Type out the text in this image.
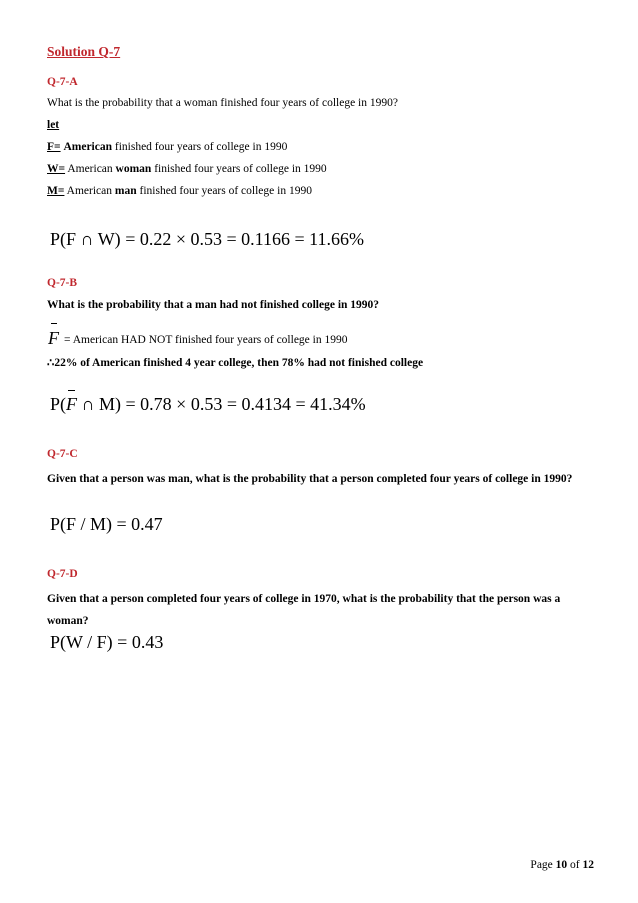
Solution Q-7
Q-7-A
What is the probability that a woman finished four years of college in 1990?
let
F= American finished four years of college in 1990
W= American woman finished four years of college in 1990
M= American man finished four years of college in 1990
P(F ∩ W) = 0.22 × 0.53 = 0.1166 = 11.66%
Q-7-B
What is the probability that a man had not finished college in 1990?
F = American HAD NOT finished four years of college in 1990
∴22% of American finished 4 year college, then 78% had not finished college
P(F ∩ M) = 0.78 × 0.53 = 0.4134 = 41.34%
Q-7-C
Given that a person was man, what is the probability that a person completed four years of college in 1990?
P(F / M) = 0.47
Q-7-D
Given that a person completed four years of college in 1970, what is the probability that the person was a woman?
P(W / F) = 0.43
Page 10 of 12
